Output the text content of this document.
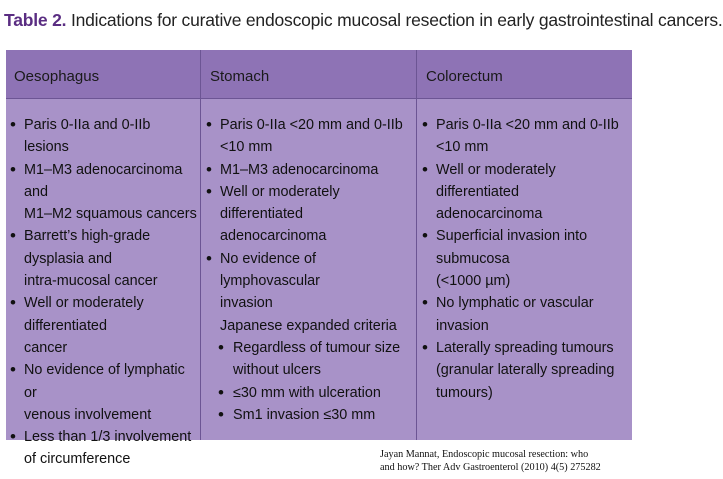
Table 2. Indications for curative endoscopic mucosal resection in early gastrointestinal cancers.
Oesophagus	Stomach	Colorectum
• Paris 0-IIa and 0-IIb lesions
• M1–M3 adenocarcinoma and
M1–M2 squamous cancers
• Barrett’s high-grade dysplasia and
intra-mucosal cancer
• Well or moderately differentiated
cancer
• No evidence of lymphatic or
venous involvement
• Less than 1/3 involvement
of circumference
• Paris 0-IIa <20 mm and 0-IIb <10 mm
• M1–M3 adenocarcinoma
• Well or moderately differentiated
adenocarcinoma
• No evidence of lymphovascular
invasion
Japanese expanded criteria
• Regardless of tumour size
without ulcers
• ≤30 mm with ulceration
• Sm1 invasion ≤30 mm
• Paris 0-IIa <20 mm and 0-IIb <10 mm
• Well or moderately differentiated
adenocarcinoma
• Superficial invasion into submucosa
(<1000 µm)
• No lymphatic or vascular invasion
• Laterally spreading tumours
(granular laterally spreading tumours)
Jayan Mannat, Endoscopic mucosal resection: who
and how? Ther Adv Gastroenterol (2010) 4(5) 275282
